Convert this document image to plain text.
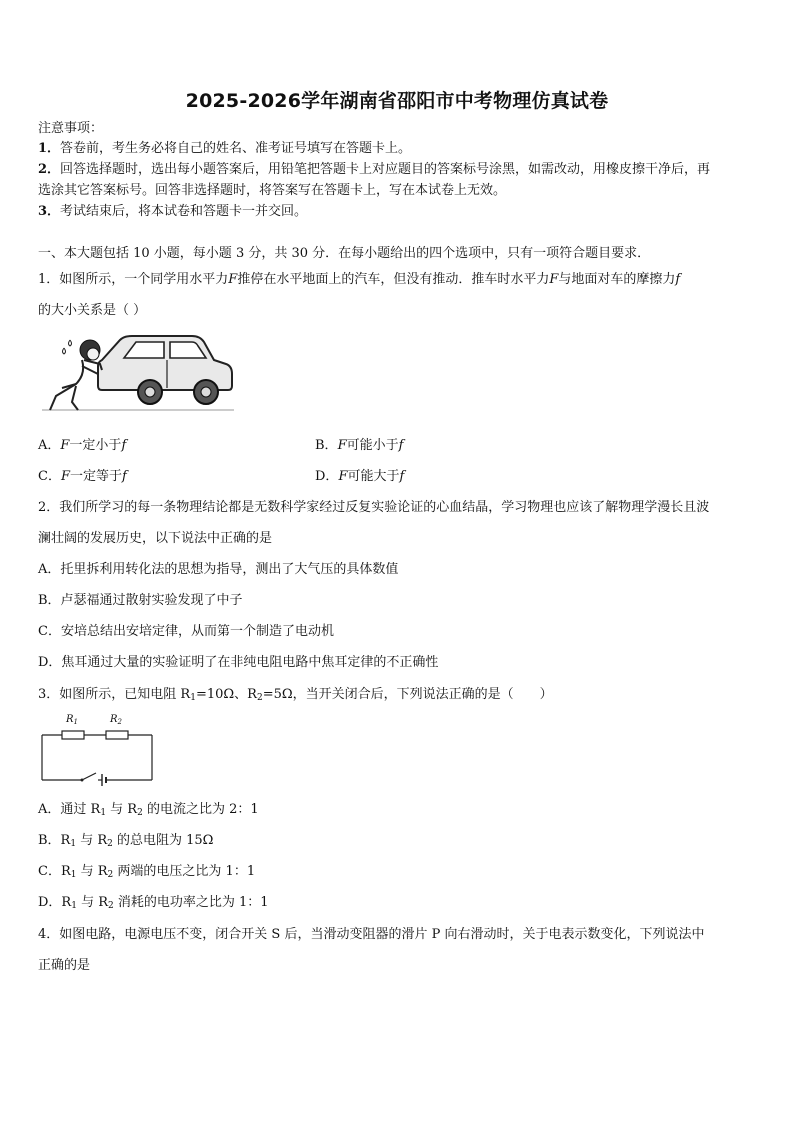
2025-2026学年湖南省邵阳市中考物理仿真试卷
注意事项：
1．答卷前，考生务必将自己的姓名、准考证号填写在答题卡上。
2．回答选择题时，选出每小题答案后，用铅笔把答题卡上对应题目的答案标号涂黑，如需改动，用橡皮擦干净后，再
选涂其它答案标号。回答非选择题时，将答案写在答题卡上，写在本试卷上无效。
3．考试结束后，将本试卷和答题卡一并交回。
一、本大题包括 10 小题，每小题 3 分，共 30 分．在每小题给出的四个选项中，只有一项符合题目要求．
1．如图所示，一个同学用水平力F推停在水平地面上的汽车，但没有推动．推车时水平力F与地面对车的摩擦力f
的大小关系是（ ）
A．F一定小于f	B．F可能小于f
C．F一定等于f	D．F可能大于f
2．我们所学习的每一条物理结论都是无数科学家经过反复实验论证的心血结晶，学习物理也应该了解物理学漫长且波
澜壮阔的发展历史，以下说法中正确的是
A．托里拆利用转化法的思想为指导，测出了大气压的具体数值
B．卢瑟福通过散射实验发现了中子
C．安培总结出安培定律，从而第一个制造了电动机
D．焦耳通过大量的实验证明了在非纯电阻电路中焦耳定律的不正确性
3．如图所示，已知电阻 $R_1=10\Omega$、$R_2=5\Omega$，当开关闭合后，下列说法正确的是（　　）
$R_1$	$R_2$
A．通过 $R_1$ 与 $R_2$ 的电流之比为 2：1
B．$R_1$ 与 $R_2$ 的总电阻为 15Ω
C．$R_1$ 与 $R_2$ 两端的电压之比为 1：1
D．$R_1$ 与 $R_2$ 消耗的电功率之比为 1：1
4．如图电路，电源电压不变，闭合开关 S 后，当滑动变阻器的滑片 P 向右滑动时，关于电表示数变化，下列说法中
正确的是
